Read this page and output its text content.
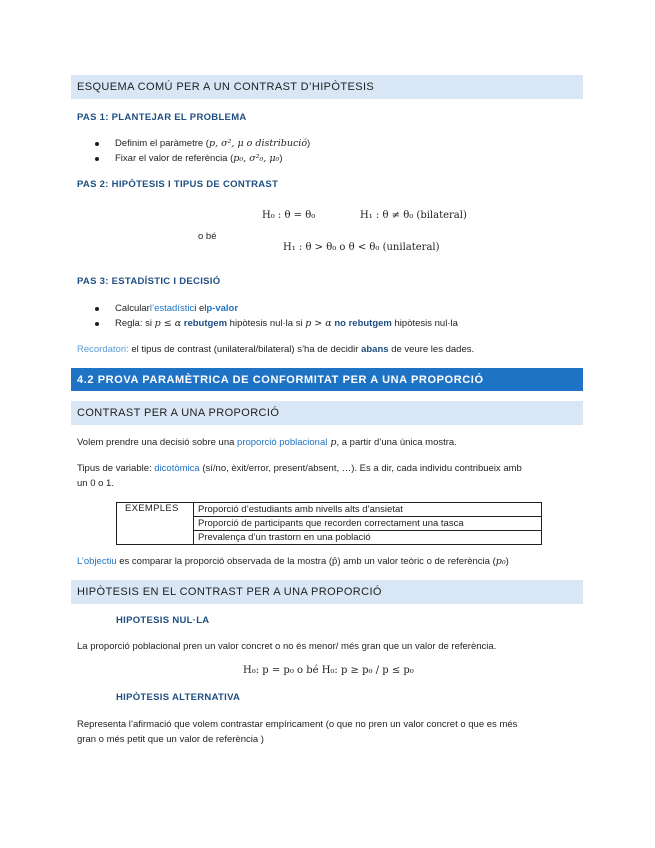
ESQUEMA COMÚ PER A UN CONTRAST D’HIPÒTESIS
PAS 1: PLANTEJAR EL PROBLEMA
Definim el paràmetre ( p, σ², μ o distribució )
Fixar el valor de referència ( p₀, σ²₀, μ₀ )
PAS 2: HIPÒTESIS I TIPUS DE CONTRAST
H₀ : θ = θ₀	H₁ : θ ≠ θ₀ (bilateral)
o bé
H₁ : θ > θ₀ o θ < θ₀ (unilateral)
PAS 3: ESTADÍSTIC I DECISIÓ
Calcular l’estadístic i el p-valor
Regla: si p ≤ α
rebutgem hipòtesis nul·la si p > α
no rebutgem hipòtesis nul·la
Recordatori: el tipus de contrast (unilateral/bilateral) s’ha de decidir abans de veure les dades.
4.2 PROVA PARAMÈTRICA DE CONFORMITAT PER A UNA PROPORCIÓ
CONTRAST PER A UNA PROPORCIÓ
Volem prendre una decisió sobre una proporció poblacional p, a partir d’una única mostra.
Tipus de variable: dicotòmica (sí/no, èxit/error, present/absent, …). Es a dir, cada individu contribueix amb
un 0 o 1.
EXEMPLES	Proporció d’estudiants amb nivells alts d’ansietat
Proporció de participants que recorden correctament una tasca
Prevalença d’un trastorn en una població
L’objectiu es comparar la proporció observada de la mostra (p̂) amb un valor teòric o de referència (p₀)
HIPÒTESIS EN EL CONTRAST PER A UNA PROPORCIÓ
HIPOTESIS NUL·LA
La proporció poblacional pren un valor concret o no és menor/ més gran que un valor de referència.
H₀: p = p₀ o bé H₀: p ≥ p₀ / p ≤ p₀
HIPÒTESIS ALTERNATIVA
Representa l’afirmació que volem contrastar empíricament (o que no pren un valor concret o que es més
gran o més petit que un valor de referència )
